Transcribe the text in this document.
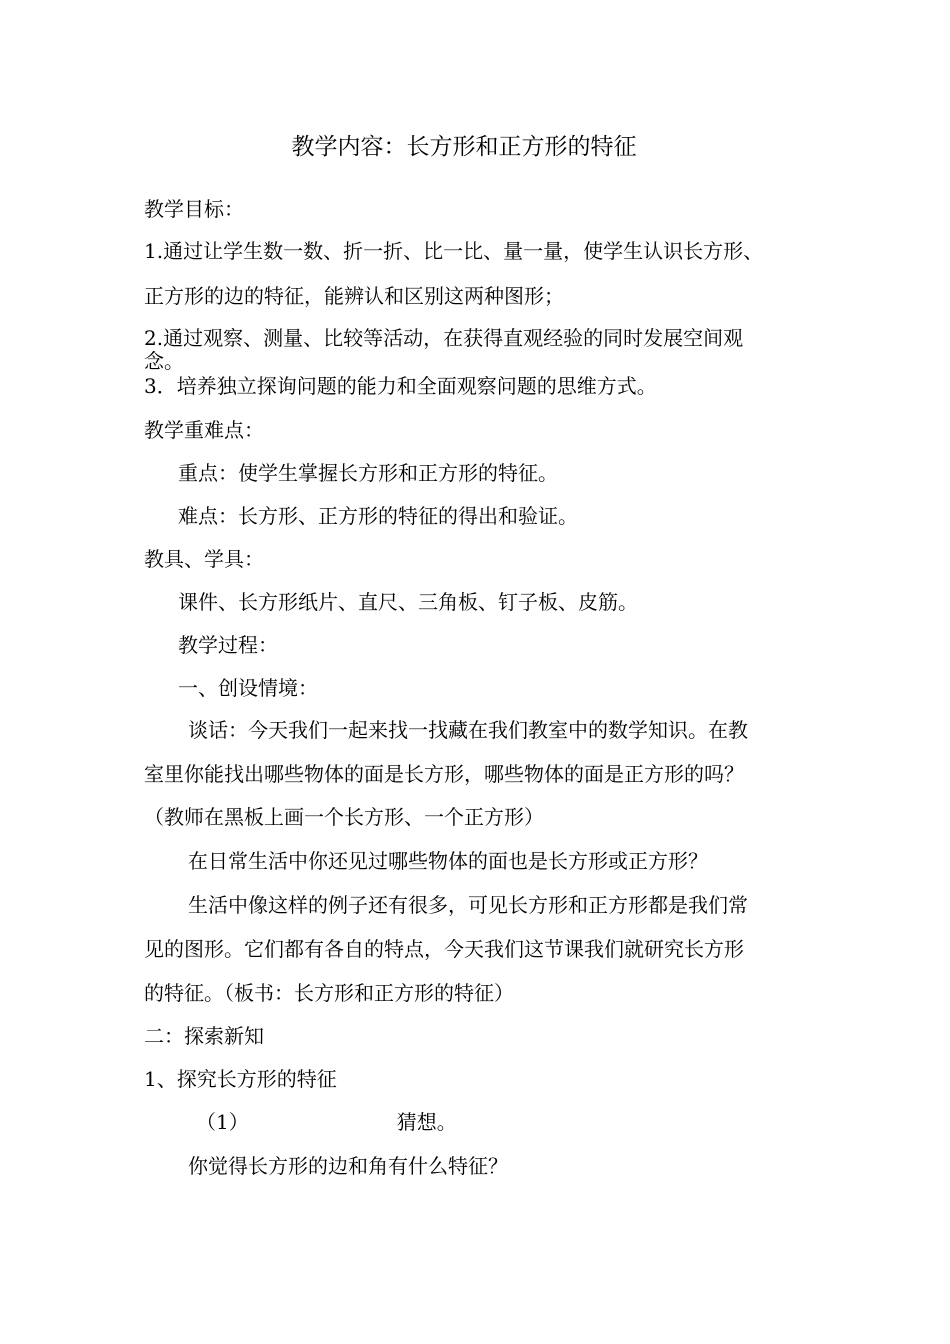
教学内容：长方形和正方形的特征
教学目标：
1.通过让学生数一数、折一折、比一比、量一量，使学生认识长方形、
正方形的边的特征，能辨认和区别这两种图形；
2.通过观察、测量、比较等活动，在获得直观经验的同时发展空间观
念。
3．培养独立探询问题的能力和全面观察问题的思维方式。
教学重难点：
重点：使学生掌握长方形和正方形的特征。
难点：长方形、正方形的特征的得出和验证。
教具、学具：
课件、长方形纸片、直尺、三角板、钉子板、皮筋。
教学过程：
一、创设情境：
谈话：今天我们一起来找一找藏在我们教室中的数学知识。在教
室里你能找出哪些物体的面是长方形，哪些物体的面是正方形的吗？
（教师在黑板上画一个长方形、一个正方形）
在日常生活中你还见过哪些物体的面也是长方形或正方形？
生活中像这样的例子还有很多，可见长方形和正方形都是我们常
见的图形。它们都有各自的特点，今天我们这节课我们就研究长方形
的特征。（板书：长方形和正方形的特征）
二：探索新知
1、探究长方形的特征
（1）	猜想。
你觉得长方形的边和角有什么特征？
